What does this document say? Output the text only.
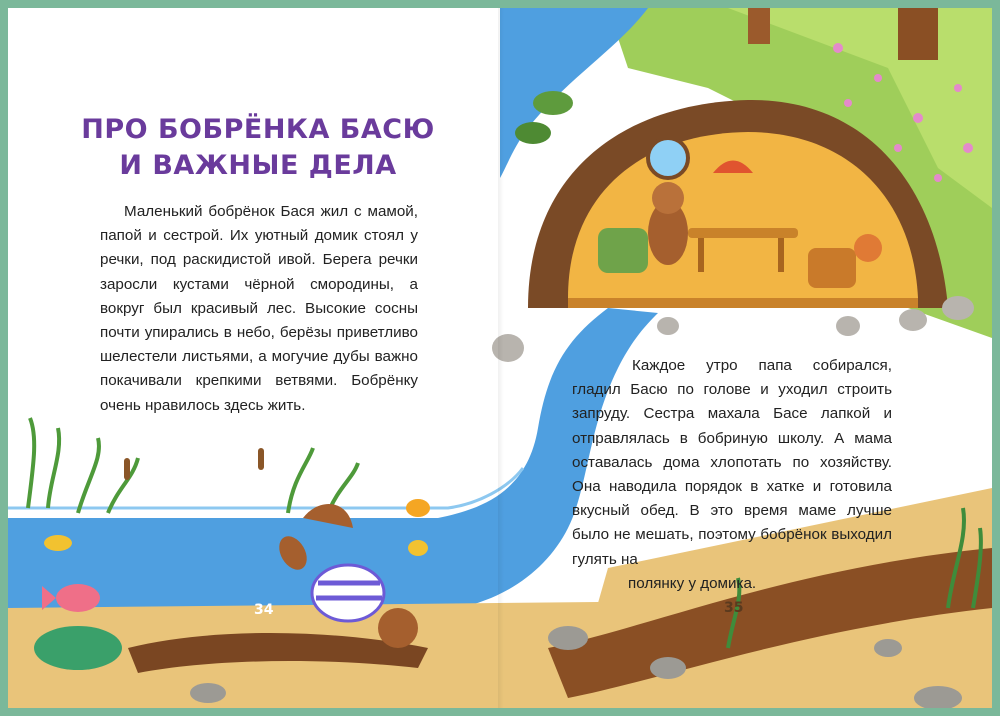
ПРО БОБРЁНКА БАСЮ
И ВАЖНЫЕ ДЕЛА

Маленький бобрёнок Бася жил с мамой, папой и сестрой. Их уютный домик стоял у речки, под раскидистой ивой. Берега речки заросли кустами чёрной смородины, а вокруг был красивый лес. Высокие сосны почти упирались в небо, берёзы приветливо шелестели листьями, а могучие дубы важно покачивали крепкими ветвями. Бобрёнку очень нравилось здесь жить.

34

Каждое утро папа собирался, гладил Басю по голове и уходил строить запруду. Сестра махала Басе лапкой и отправлялась в бобриную школу. А мама оставалась дома хлопотать по хозяйству. Она наводила порядок в хатке и готовила вкусный обед. В это время маме лучше было не мешать, поэтому бобрёнок выходил гулять на
полянку у домика.

35
